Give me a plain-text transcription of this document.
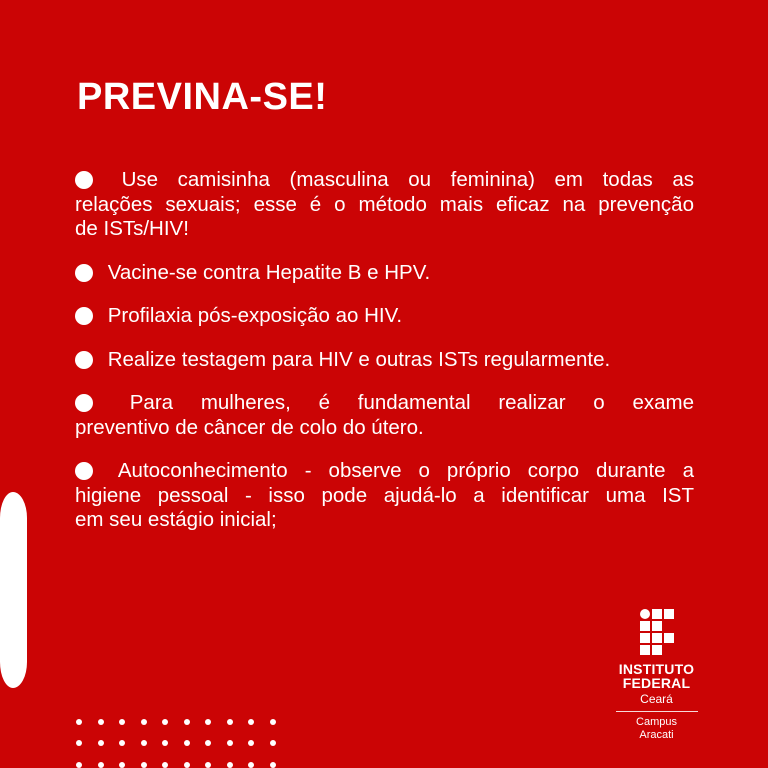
PREVINA-SE!
Use camisinha (masculina ou feminina) em todas as
relações sexuais; esse é o método mais eficaz na prevenção
de ISTs/HIV!
Vacine-se contra Hepatite B e HPV.
Profilaxia pós-exposição ao HIV.
Realize testagem para HIV e outras ISTs regularmente.
Para mulheres, é fundamental realizar o exame
preventivo de câncer de colo do útero.
Autoconhecimento - observe o próprio corpo durante a
higiene pessoal - isso pode ajudá-lo a identificar uma IST
em seu estágio inicial;
INSTITUTO
FEDERAL
Ceará
Campus
Aracati
